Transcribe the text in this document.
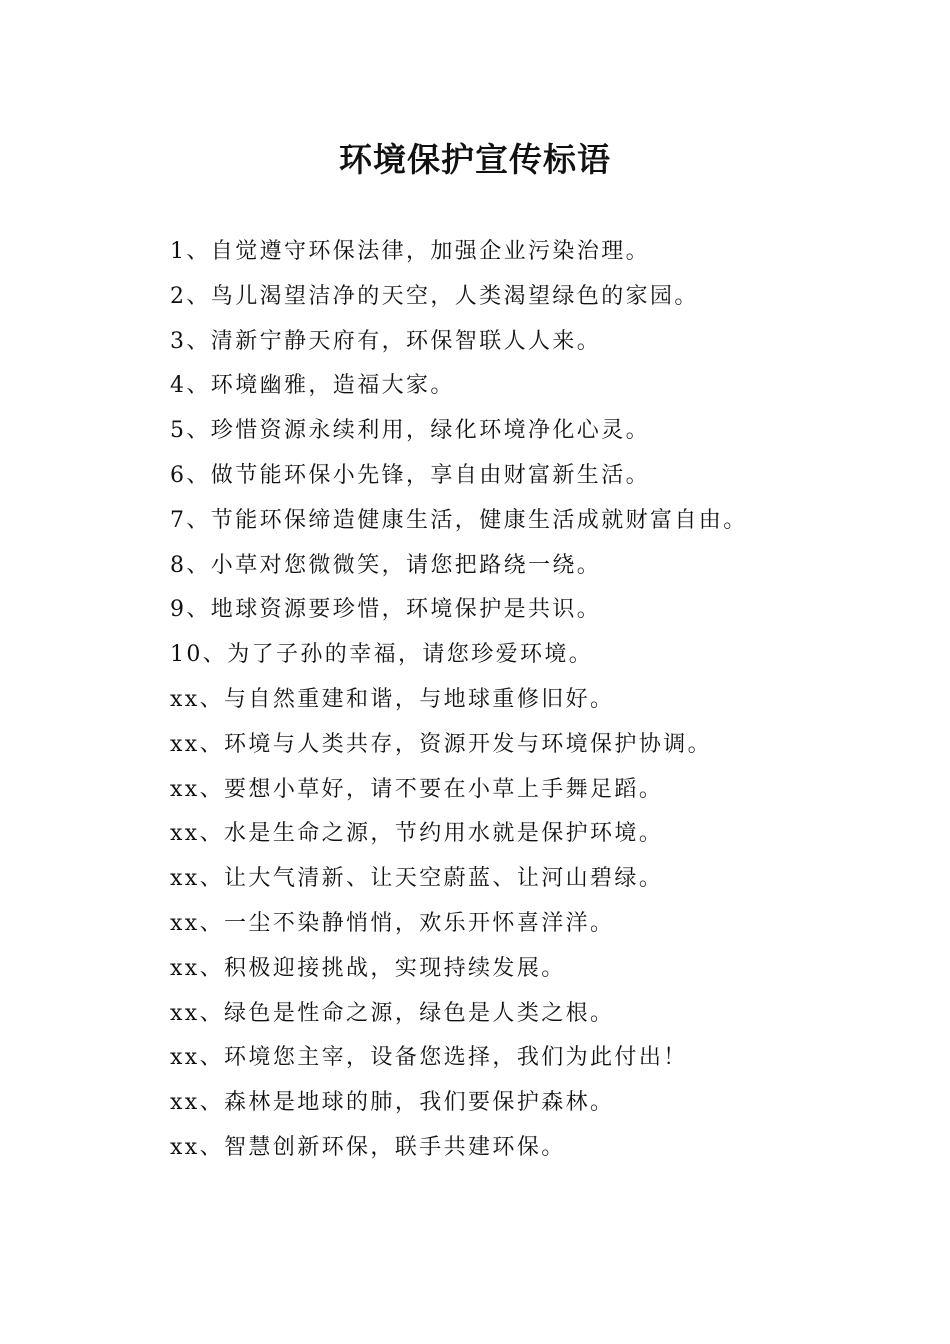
环境保护宣传标语
1、自觉遵守环保法律，加强企业污染治理。
2、鸟儿渴望洁净的天空，人类渴望绿色的家园。
3、清新宁静天府有，环保智联人人来。
4、环境幽雅，造福大家。
5、珍惜资源永续利用，绿化环境净化心灵。
6、做节能环保小先锋，享自由财富新生活。
7、节能环保缔造健康生活，健康生活成就财富自由。
8、小草对您微微笑，请您把路绕一绕。
9、地球资源要珍惜，环境保护是共识。
10、为了子孙的幸福，请您珍爱环境。
xx、与自然重建和谐，与地球重修旧好。
xx、环境与人类共存，资源开发与环境保护协调。
xx、要想小草好，请不要在小草上手舞足蹈。
xx、水是生命之源，节约用水就是保护环境。
xx、让大气清新、让天空蔚蓝、让河山碧绿。
xx、一尘不染静悄悄，欢乐开怀喜洋洋。
xx、积极迎接挑战，实现持续发展。
xx、绿色是性命之源，绿色是人类之根。
xx、环境您主宰，设备您选择，我们为此付出！
xx、森林是地球的肺，我们要保护森林。
xx、智慧创新环保，联手共建环保。
